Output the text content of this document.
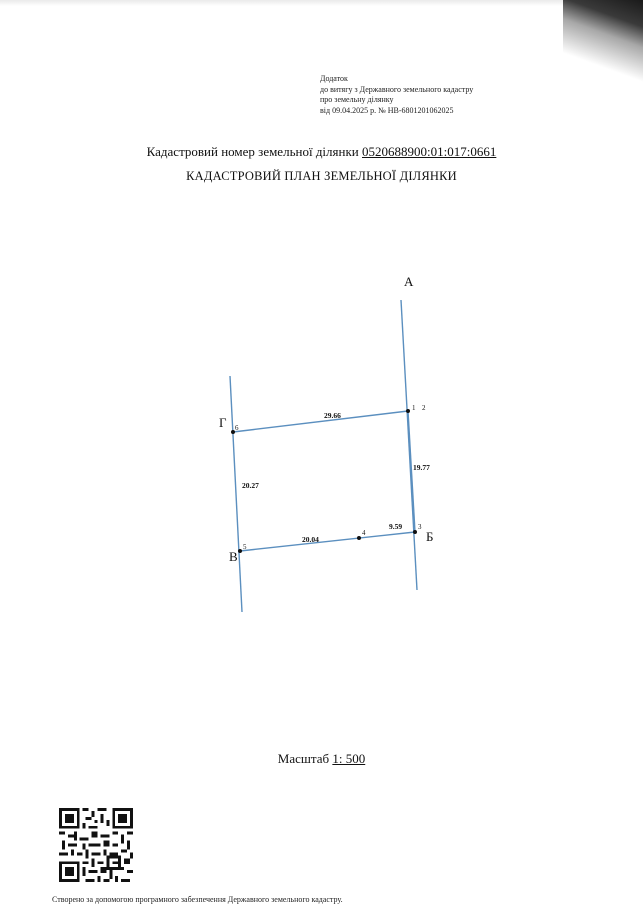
Додаток
до витягу з Державного земельного кадастру
про земельну ділянку
від 09.04.2025 р. № НВ-6801201062025
Кадастровий номер земельної ділянки 0520688900:01:017:0661
КАДАСТРОВИЙ ПЛАН ЗЕМЕЛЬНОЇ ДІЛЯНКИ
А
Б
В
Г
1 2
3
4
5
6
29.66
19.77
20.27
20.04
9.59
Масштаб 1: 500
Створено за допомогою програмного забезпечення Державного земельного кадастру.
